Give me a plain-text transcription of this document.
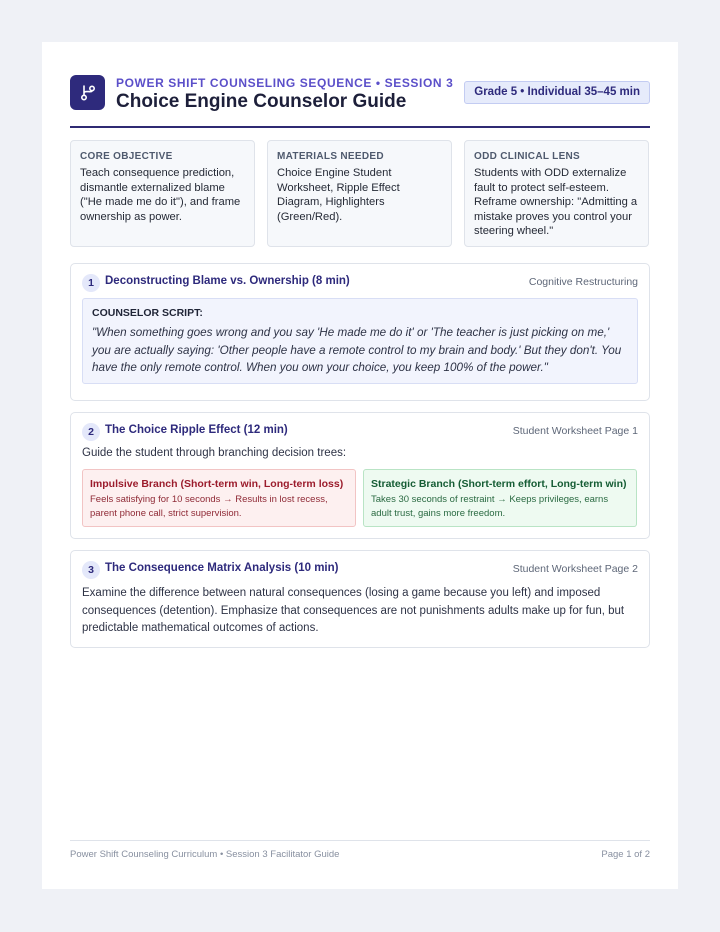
POWER SHIFT COUNSELING SEQUENCE • SESSION 3
Choice Engine Counselor Guide	Grade 5 • Individual 35–45 min
CORE OBJECTIVE
Teach consequence prediction, dismantle externalized blame ("He made me do it"), and frame ownership as power.
MATERIALS NEEDED
Choice Engine Student Worksheet, Ripple Effect Diagram, Highlighters (Green/Red).
ODD CLINICAL LENS
Students with ODD externalize fault to protect self-esteem. Reframe ownership: "Admitting a mistake proves you control your steering wheel."
1 Deconstructing Blame vs. Ownership (8 min)	Cognitive Restructuring
COUNSELOR SCRIPT:
"When something goes wrong and you say 'He made me do it' or 'The teacher is just picking on me,' you are actually saying: 'Other people have a remote control to my brain and body.' But they don't. You have the only remote control. When you own your choice, you keep 100% of the power."
2 The Choice Ripple Effect (12 min)	Student Worksheet Page 1
Guide the student through branching decision trees:
Impulsive Branch (Short-term win, Long-term loss)
Feels satisfying for 10 seconds → Results in lost recess, parent phone call, strict supervision.
Strategic Branch (Short-term effort, Long-term win)
Takes 30 seconds of restraint → Keeps privileges, earns adult trust, gains more freedom.
3 The Consequence Matrix Analysis (10 min)	Student Worksheet Page 2
Examine the difference between natural consequences (losing a game because you left) and imposed consequences (detention). Emphasize that consequences are not punishments adults make up for fun, but predictable mathematical outcomes of actions.
Power Shift Counseling Curriculum • Session 3 Facilitator Guide	Page 1 of 2
